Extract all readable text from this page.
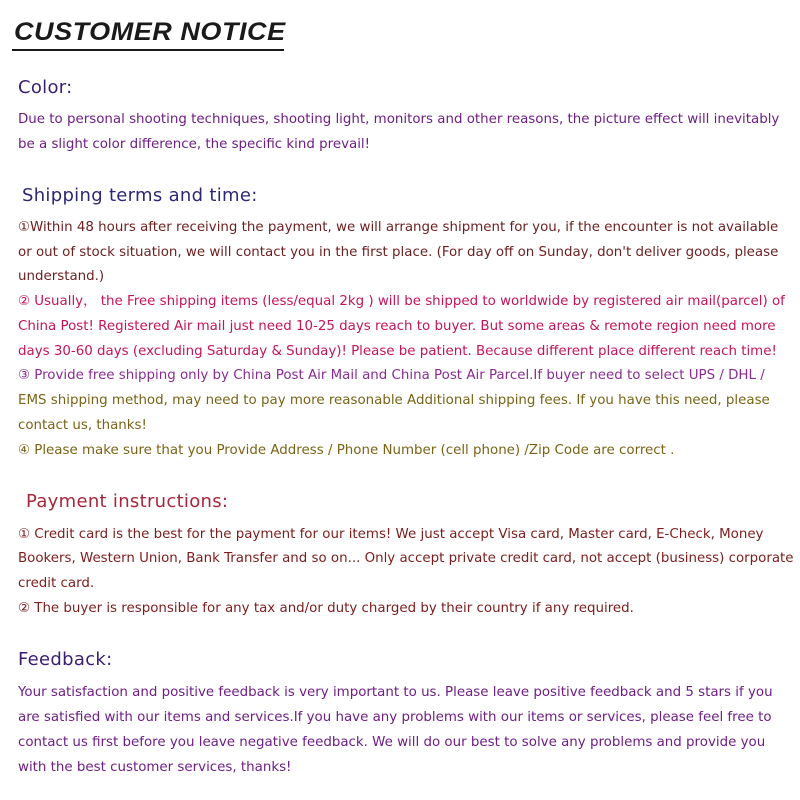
CUSTOMER NOTICE
Color:
Due to personal shooting techniques, shooting light, monitors and other reasons, the picture effect will inevitably
be a slight color difference, the specific kind prevail!
Shipping terms and time:
①Within 48 hours after receiving the payment, we will arrange shipment for you, if the encounter is not available
or out of stock situation, we will contact you in the first place. (For day off on Sunday, don't deliver goods, please
understand.)
② Usually， the Free shipping items (less/equal 2kg ) will be shipped to worldwide by registered air mail(parcel) of
China Post! Registered Air mail just need 10-25 days reach to buyer. But some areas & remote region need more
days 30-60 days (excluding Saturday & Sunday)! Please be patient. Because different place different reach time!
③ Provide free shipping only by China Post Air Mail and China Post Air Parcel.If buyer need to select UPS / DHL /
EMS shipping method, may need to pay more reasonable Additional shipping fees. If you have this need, please
contact us, thanks!
④ Please make sure that you Provide Address / Phone Number (cell phone) /Zip Code are correct .
Payment instructions:
① Credit card is the best for the payment for our items! We just accept Visa card, Master card, E-Check, Money
Bookers, Western Union, Bank Transfer and so on... Only accept private credit card, not accept (business) corporate
credit card.
② The buyer is responsible for any tax and/or duty charged by their country if any required.
Feedback:
Your satisfaction and positive feedback is very important to us. Please leave positive feedback and 5 stars if you
are satisfied with our items and services.If you have any problems with our items or services, please feel free to
contact us first before you leave negative feedback. We will do our best to solve any problems and provide you
with the best customer services, thanks!
